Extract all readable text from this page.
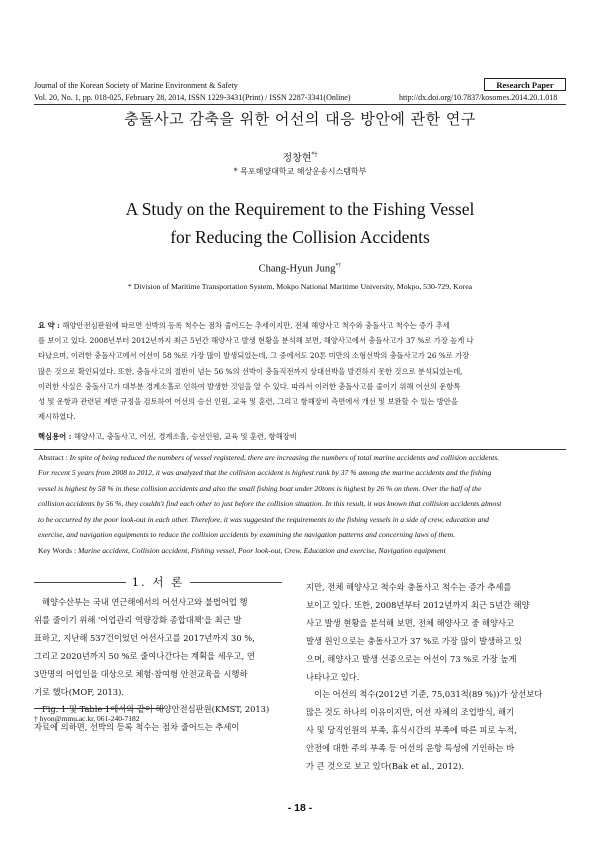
Journal of the Korean Society of Marine Environment & Safety	Research Paper
Vol. 20, No. 1, pp. 018-025, February 28, 2014, ISSN 1229-3431(Print) / ISSN 2287-3341(Online)	http://dx.doi.org/10.7837/kosomes.2014.20.1.018
충돌사고 감축을 위한 어선의 대응 방안에 관한 연구
정창현*†
* 목포해양대학교 해상운송시스템학부
A Study on the Requirement to the Fishing Vessel
for Reducing the Collision Accidents
Chang-Hyun Jung*†
* Division of Maritime Transportation System, Mokpo National Maritime University, Mokpo, 530-729, Korea
요 약 : 해양안전심판원에 따르면 선박의 등록 척수는 점차 줄어드는 추세이지만, 전체 해양사고 척수와 충돌사고 척수는 증가 추세
를 보이고 있다. 2008년부터 2012년까지 최근 5년간 해양사고 발생 현황을 분석해 보면, 해양사고에서 충돌사고가 37 %로 가장 높게 나
타났으며, 이러한 충돌사고에서 어선이 58 %로 가장 많이 발생되었는데, 그 중에서도 20톤 미만의 소형선박의 충돌사고가 26 %로 가장
많은 것으로 확인되었다. 또한, 충돌사고의 절반이 넘는 56 %의 선박이 충돌직전까지 상대선박을 발견하지 못한 것으로 분석되었는데,
이러한 사실은 충돌사고가 대부분 경계소홀로 인하여 발생한 것임을 알 수 있다. 따라서 이러한 충돌사고를 줄이기 위해 어선의 운항특
성 및 운항과 관련된 제반 규정을 검토하여 어선의 승선 인원, 교육 및 훈련, 그리고 항해장비 측면에서 개선 및 보완할 수 있는 방안을
제시하였다.
핵심용어 : 해양사고, 충돌사고, 어선, 경계소홀, 승선인원, 교육 및 훈련, 항해장비
Abstract : In spite of being reduced the numbers of vessel registered, there are increasing the numbers of total marine accidents and collision accidents.
For recent 5 years from 2008 to 2012, it was analyzed that the collision accident is highest rank by 37 % among the marine accidents and the fishing
vessel is highest by 58 % in these collision accidents and also the small fishing boat under 20tons is highest by 26 % on them. Over the half of the
collision accidents by 56 %, they couldn't find each other to just before the collision situation. In this result, it was known that collision accidents almost
to be occurred by the poor look-out in each other. Therefore, it was suggested the requirements to the fishing vessels in a side of crew, education and
exercise, and navigation equipments to reduce the collision accidents by examining the navigation patterns and concerning laws of them.
Key Words : Marine accident, Collision accident, Fishing vessel, Poor look-out, Crew, Education and exercise, Navigation equipment
1. 서 론
해양수산부는 국내 연근해에서의 어선사고와 불법어업 행
위를 줄이기 위해 '어업관리 역량강화 종합대책'을 최근 발
표하고, 지난해 537건이었던 어선사고를 2017년까지 30 %,
그리고 2020년까지 50 %로 줄여나간다는 계획을 세우고, 연
3만명의 어업인을 대상으로 체험·참여형 안전교육을 시행하
기로 했다(MOF, 2013).
Fig. 1 및 Table 1에서와 같이 해양안전심판원(KMST, 2013)
자료에 의하면, 선박의 등록 척수는 점차 줄어드는 추세이
지만, 전체 해양사고 척수와 충돌사고 척수는 증가 추세를
보이고 있다. 또한, 2008년부터 2012년까지 최근 5년간 해양
사고 발생 현황을 분석해 보면, 전체 해양사고 중 해양사고
발생 원인으로는 충돌사고가 37 %로 가장 많이 발생하고 있
으며, 해양사고 발생 선종으로는 어선이 73 %로 가장 높게
나타나고 있다.
이는 어선의 척수(2012년 기준, 75,031척(89 %))가 상선보다
많은 것도 하나의 이유이지만, 어선 자체의 조업방식, 해기
사 및 당직인원의 부족, 휴식시간의 부족에 따른 피로 누적,
안전에 대한 주의 부족 등 어선의 운항 특성에 기인하는 바
가 큰 것으로 보고 있다(Bak et al., 2012).
† hyon@mmu.ac.kr, 061-240-7182
- 18 -
